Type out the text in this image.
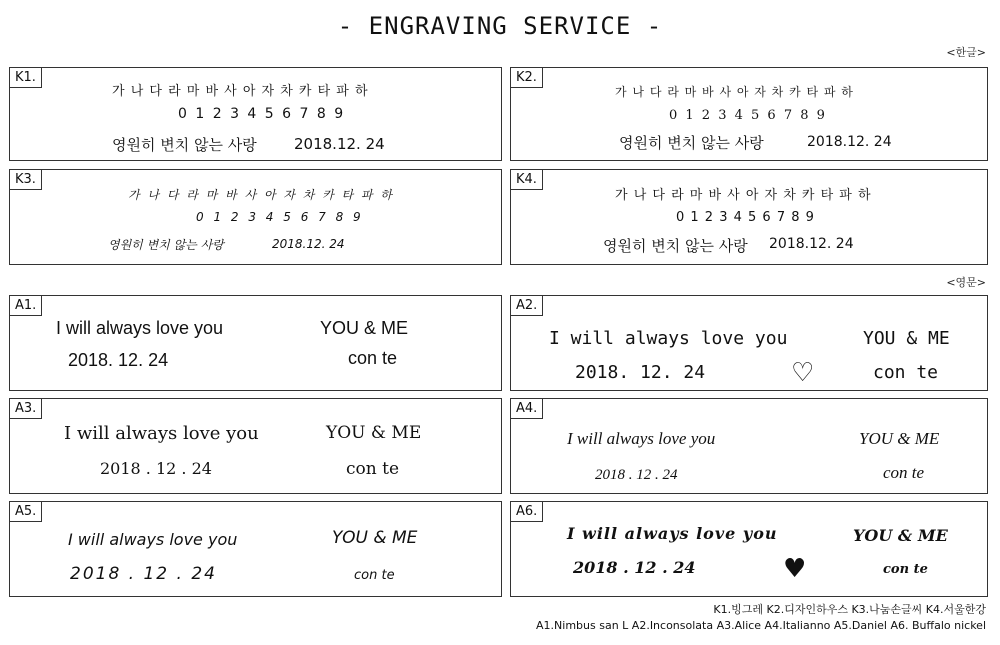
- ENGRAVING SERVICE -
<한글>
K1.
가 나 다 라 마 바 사 아 자 차 카 타 파 하
0 1 2 3 4 5 6 7 8 9
영원히 변치 않는 사랑 2018.12. 24
K2.
가 나 다 라 마 바 사 아 자 차 카 타 파 하
0 1 2 3 4 5 6 7 8 9
영원히 변치 않는 사랑	2018.12. 24
K3.
가 나 다 라 마 바 사 아 자 차 카 타 파 하
0 1 2 3 4 5 6 7 8 9
영원히 변치 않는 사랑	2018.12. 24
K4.
가 나 다 라 마 바 사 아 자 차 카 타 파 하
0 1 2 3 4 5 6 7 8 9
영원히 변치 않는 사랑 2018.12. 24
<영문>
A1.
I will always love you
2018. 12. 24
YOU & ME
con te
A2.
I will always love you
2018. 12. 24	♡
YOU & ME
con te
A3.
I will always love you
2018 . 12 . 24
YOU & ME
con te
A4.
I will always love you
2018 . 12 . 24
YOU & ME
con te
A5.
I will always love you
2018 . 12 . 24
YOU & ME
con te
A6.
I will always love you
2018 . 12 . 24	♥
YOU & ME
con te
K1.빙그레 K2.디자인하우스 K3.나눔손글씨 K4.서울한강
A1.Nimbus san L A2.Inconsolata A3.Alice A4.Italianno A5.Daniel A6. Buffalo nickel
